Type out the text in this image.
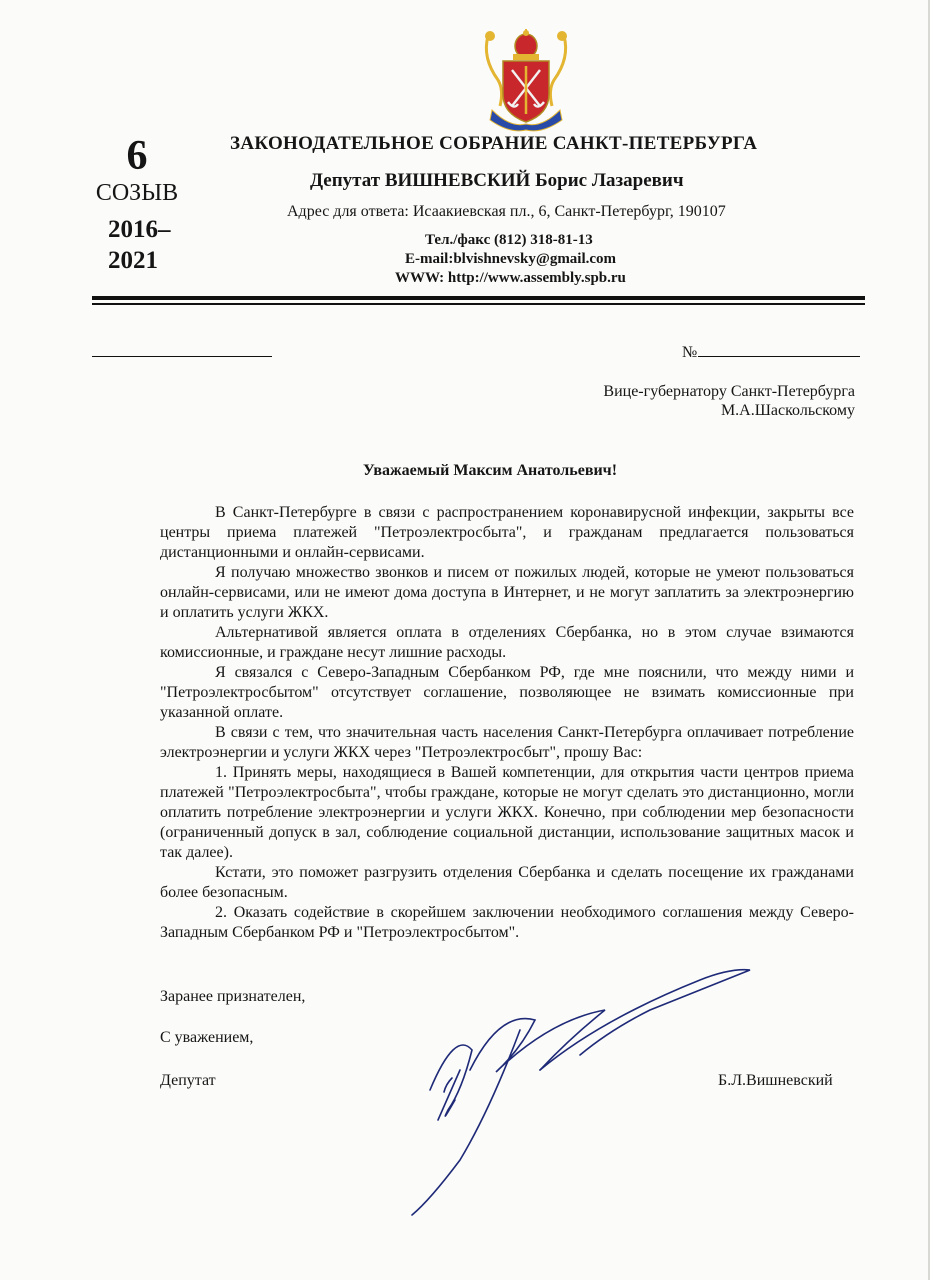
6
СОЗЫВ
2016–
2021
ЗАКОНОДАТЕЛЬНОЕ СОБРАНИЕ САНКТ-ПЕТЕРБУРГА
Депутат ВИШНЕВСКИЙ Борис Лазаревич
Адрес для ответа: Исаакиевская пл., 6, Санкт-Петербург, 190107
Тел./факс (812) 318-81-13
E-mail:blvishnevsky@gmail.com
WWW: http://www.assembly.spb.ru
№
Вице-губернатору Санкт-Петербурга
М.А.Шаскольскому
Уважаемый Максим Анатольевич!

В Санкт-Петербурге в связи с распространением коронавирусной инфекции, закрыты все центры приема платежей "Петроэлектросбыта", и гражданам предлагается пользоваться дистанционными и онлайн-сервисами.

Я получаю множество звонков и писем от пожилых людей, которые не умеют пользоваться онлайн-сервисами, или не имеют дома доступа в Интернет, и не могут заплатить за электроэнергию и оплатить услуги ЖКХ.

Альтернативой является оплата в отделениях Сбербанка, но в этом случае взимаются комиссионные, и граждане несут лишние расходы.

Я связался с Северо-Западным Сбербанком РФ, где мне пояснили, что между ними и "Петроэлектросбытом" отсутствует соглашение, позволяющее не взимать комиссионные при указанной оплате.

В связи с тем, что значительная часть населения Санкт-Петербурга оплачивает потребление электроэнергии и услуги ЖКХ через "Петроэлектросбыт", прошу Вас:

1. Принять меры, находящиеся в Вашей компетенции, для открытия части центров приема платежей "Петроэлектросбыта", чтобы граждане, которые не могут сделать это дистанционно, могли оплатить потребление электроэнергии и услуги ЖКХ. Конечно, при соблюдении мер безопасности (ограниченный допуск в зал, соблюдение социальной дистанции, использование защитных масок и так далее).

Кстати, это поможет разгрузить отделения Сбербанка и сделать посещение их гражданами более безопасным.

2. Оказать содействие в скорейшем заключении необходимого соглашения между Северо-Западным Сбербанком РФ и "Петроэлектросбытом".

Заранее признателен,
С уважением,
Депутат	Б.Л.Вишневский
